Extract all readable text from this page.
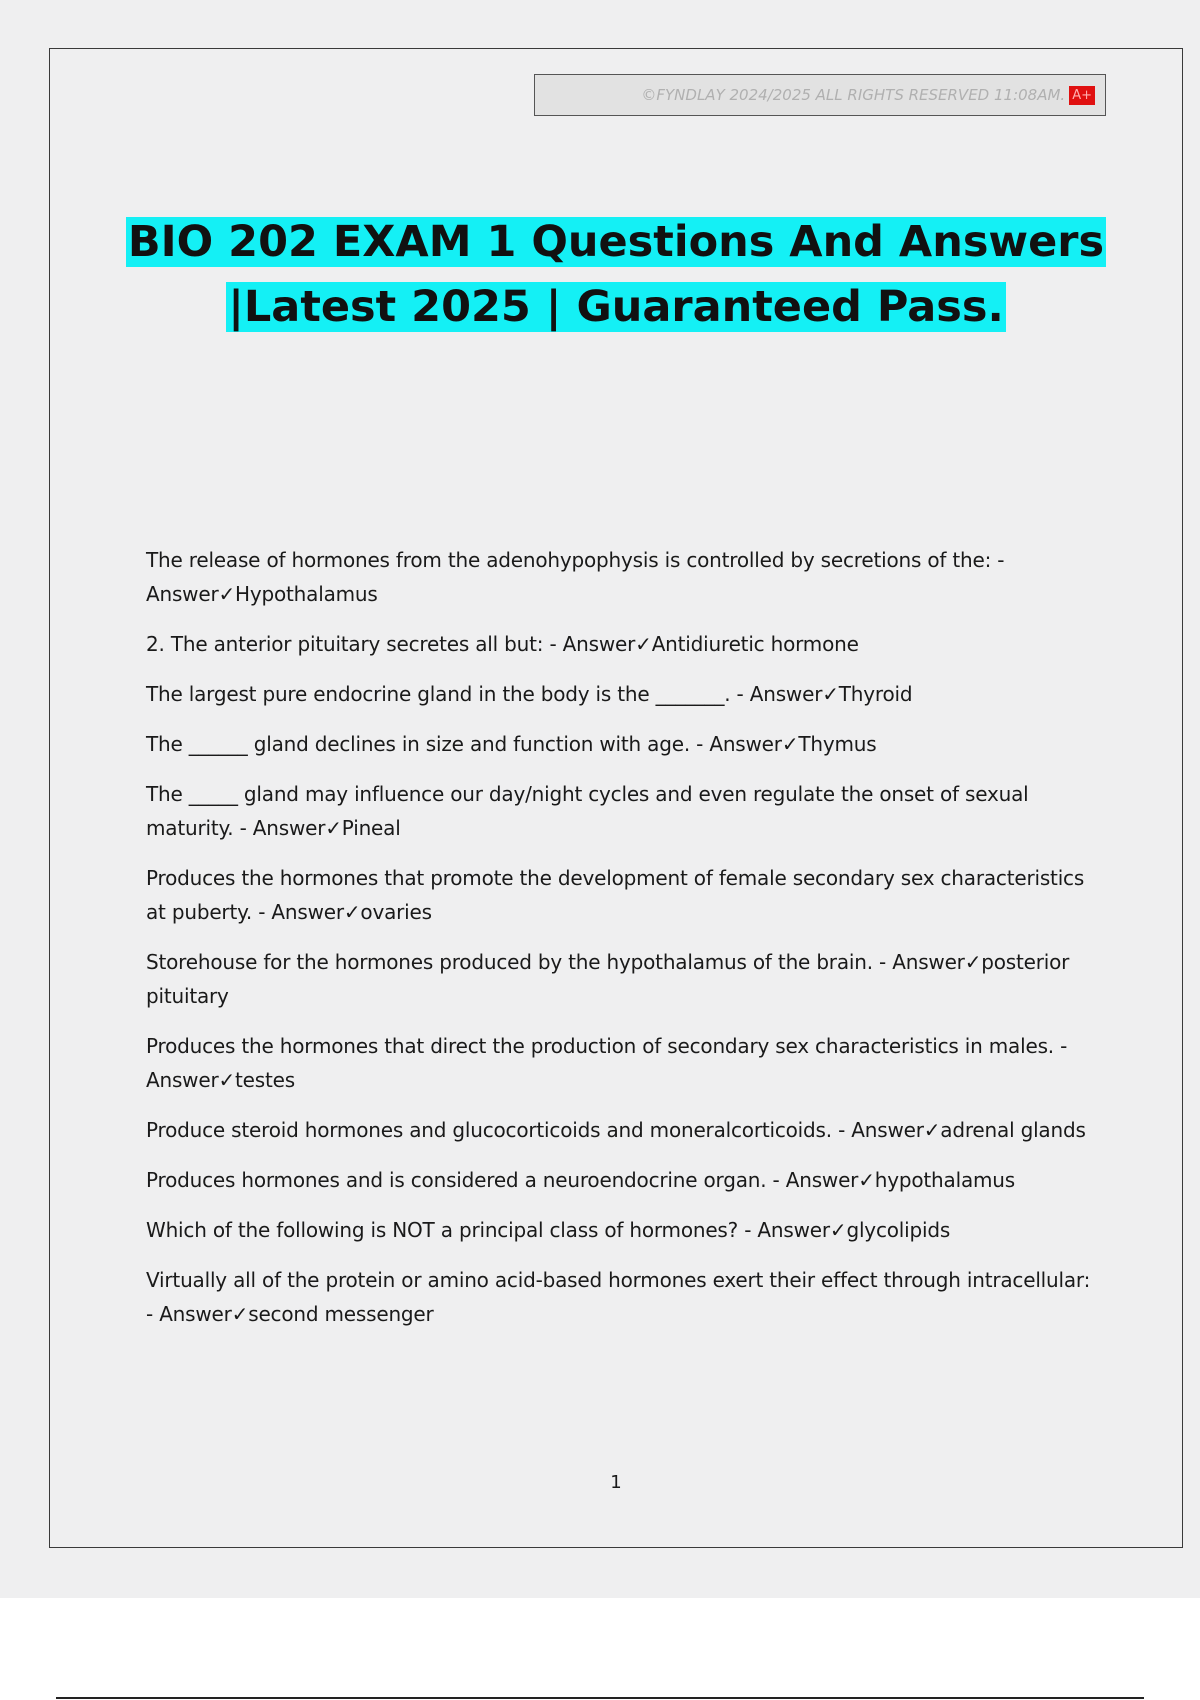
©FYNDLAY 2024/2025 ALL RIGHTS RESERVED 11:08AM. A+
BIO 202 EXAM 1 Questions And Answers
|Latest 2025 | Guaranteed Pass.

The release of hormones from the adenohypophysis is controlled by secretions of the: -
Answer✓Hypothalamus

2. The anterior pituitary secretes all but: - Answer✓Antidiuretic hormone

The largest pure endocrine gland in the body is the _______. - Answer✓Thyroid

The ______ gland declines in size and function with age. - Answer✓Thymus

The _____ gland may influence our day/night cycles and even regulate the onset of sexual maturity. - Answer✓Pineal

Produces the hormones that promote the development of female secondary sex characteristics at puberty. - Answer✓ovaries

Storehouse for the hormones produced by the hypothalamus of the brain. - Answer✓posterior pituitary

Produces the hormones that direct the production of secondary sex characteristics in males. -
Answer✓testes

Produce steroid hormones and glucocorticoids and moneralcorticoids. - Answer✓adrenal glands

Produces hormones and is considered a neuroendocrine organ. - Answer✓hypothalamus

Which of the following is NOT a principal class of hormones? - Answer✓glycolipids

Virtually all of the protein or amino acid-based hormones exert their effect through intracellular: - Answer✓second messenger

1
